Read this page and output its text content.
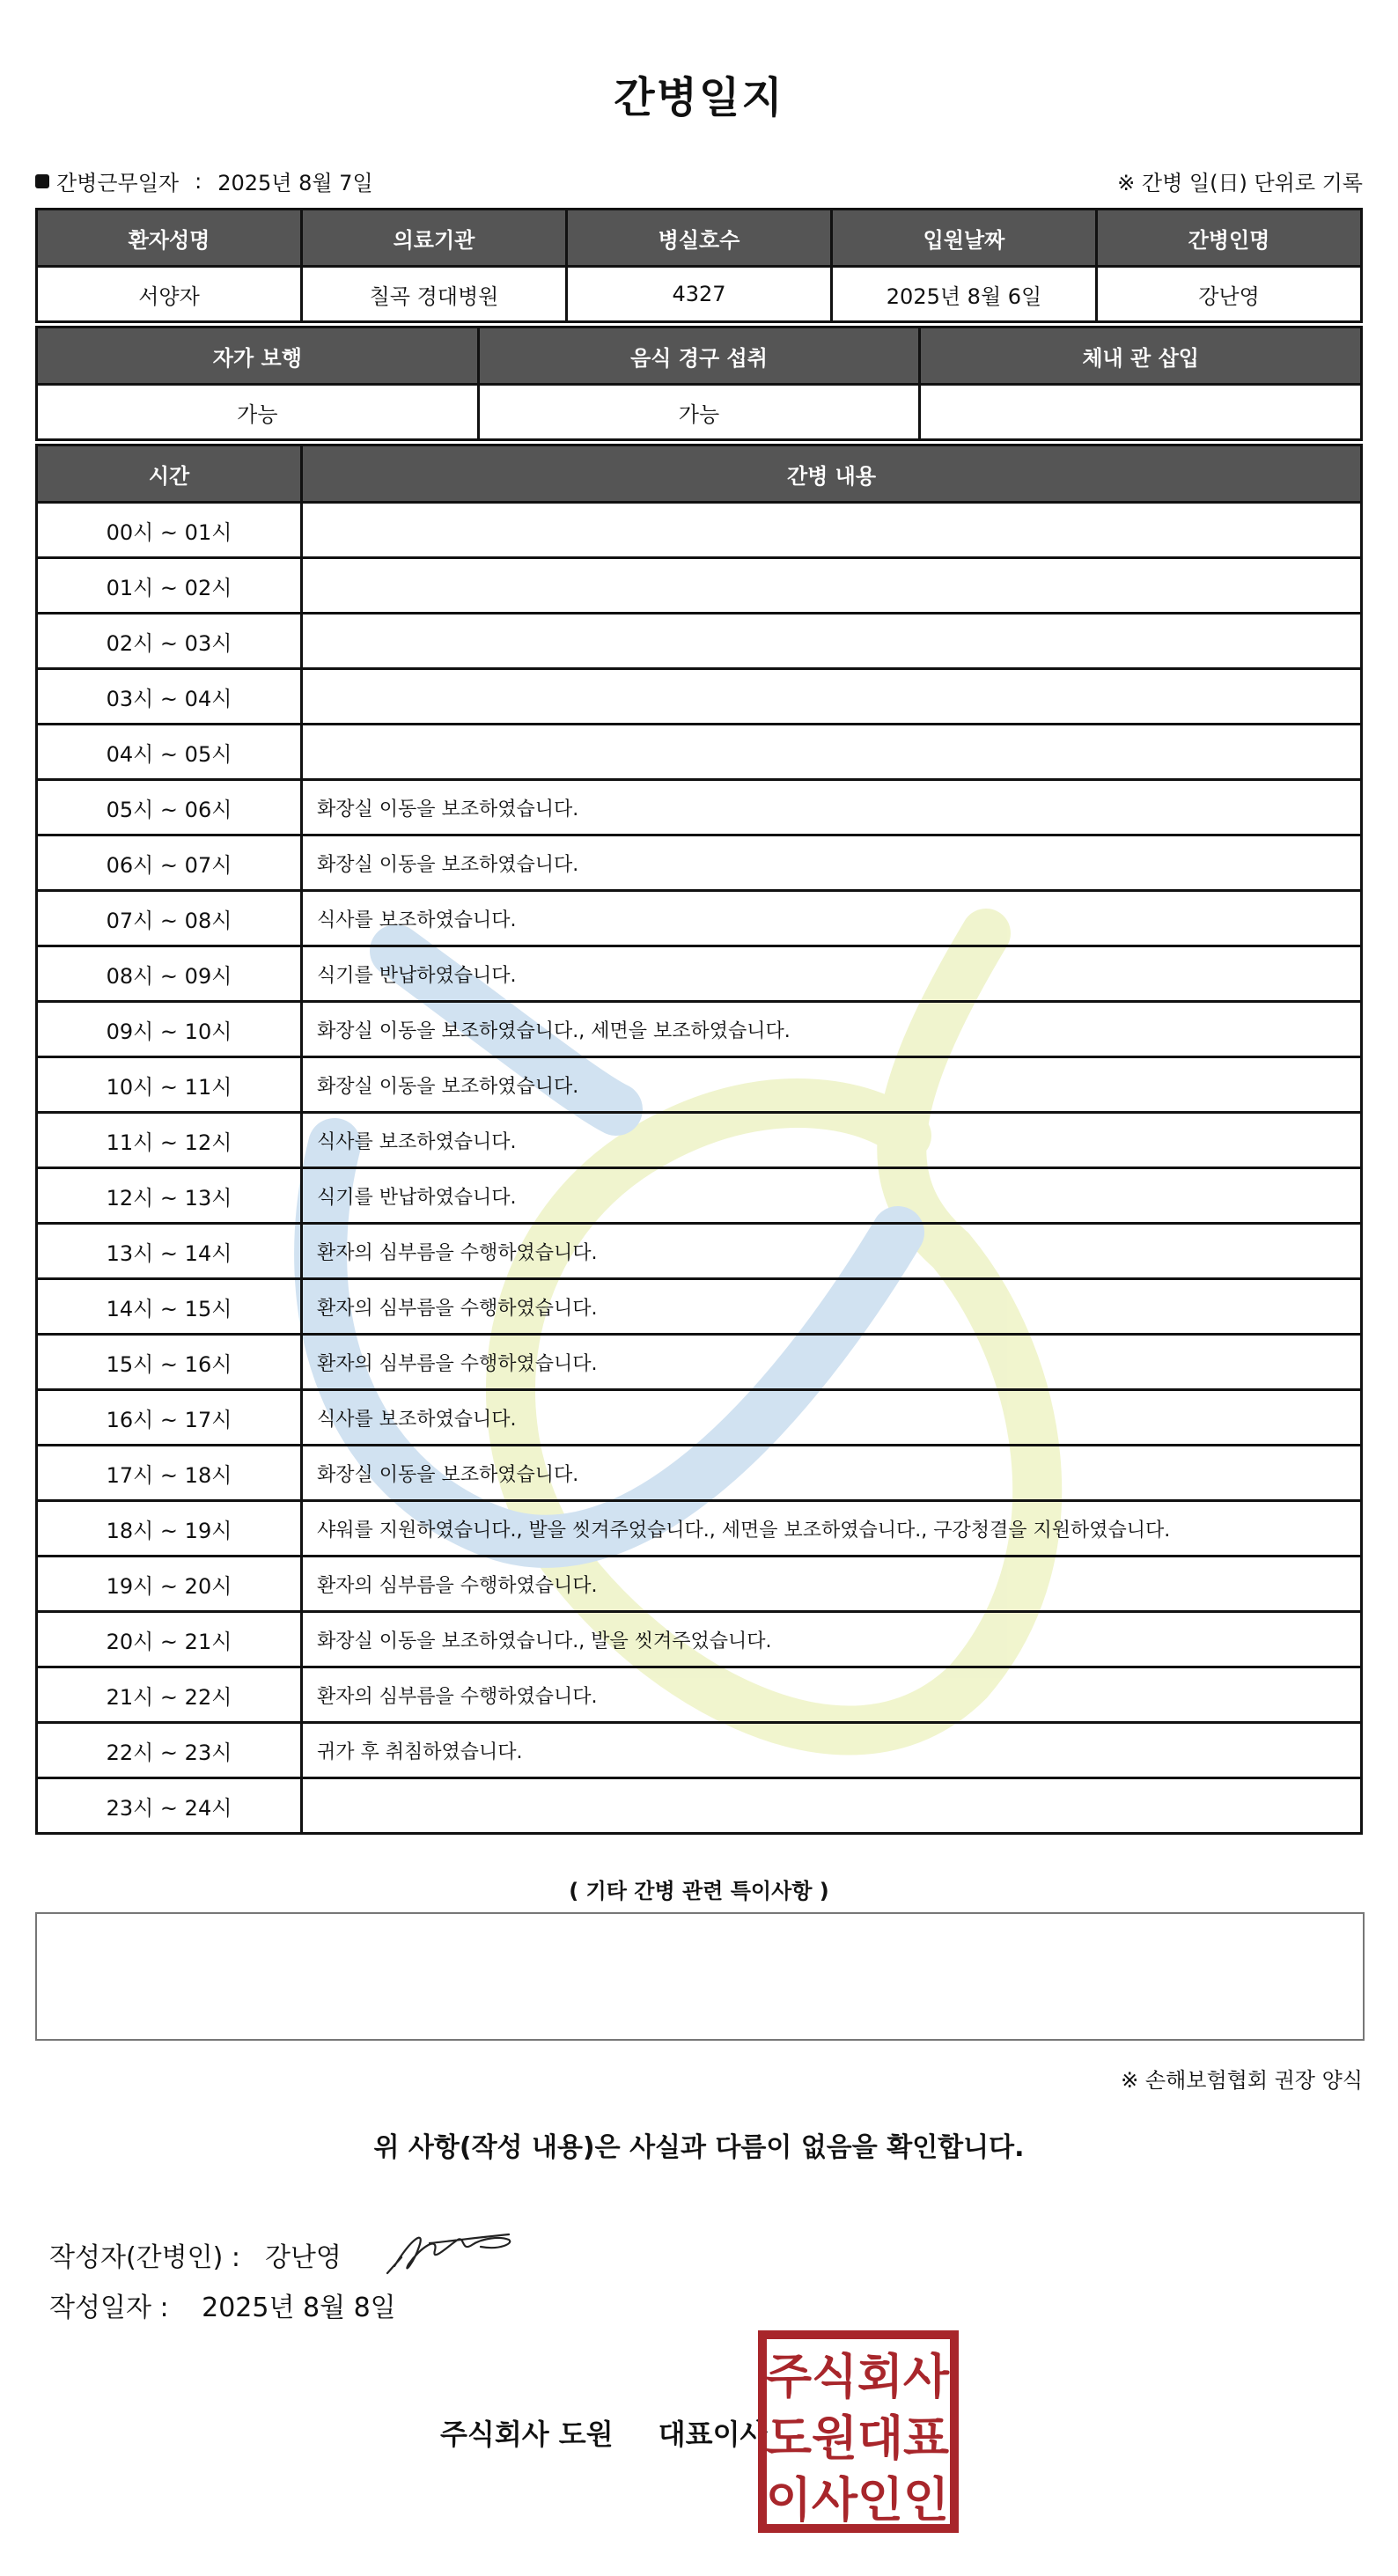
간병일지
간병근무일자 : 2025년 8월 7일	※ 간병 일(日) 단위로 기록
환자성명	의료기관	병실호수	입원날짜	간병인명
서양자	칠곡 경대병원	4327	2025년 8월 6일	강난영
자가 보행	음식 경구 섭취	체내 관 삽입
가능	가능	
시간	간병 내용
00시 ~ 01시	
01시 ~ 02시	
02시 ~ 03시	
03시 ~ 04시	
04시 ~ 05시	
05시 ~ 06시	화장실 이동을 보조하였습니다.
06시 ~ 07시	화장실 이동을 보조하였습니다.
07시 ~ 08시	식사를 보조하였습니다.
08시 ~ 09시	식기를 반납하였습니다.
09시 ~ 10시	화장실 이동을 보조하였습니다., 세면을 보조하였습니다.
10시 ~ 11시	화장실 이동을 보조하였습니다.
11시 ~ 12시	식사를 보조하였습니다.
12시 ~ 13시	식기를 반납하였습니다.
13시 ~ 14시	환자의 심부름을 수행하였습니다.
14시 ~ 15시	환자의 심부름을 수행하였습니다.
15시 ~ 16시	환자의 심부름을 수행하였습니다.
16시 ~ 17시	식사를 보조하였습니다.
17시 ~ 18시	화장실 이동을 보조하였습니다.
18시 ~ 19시	샤워를 지원하였습니다., 발을 씻겨주었습니다., 세면을 보조하였습니다., 구강청결을 지원하였습니다.
19시 ~ 20시	환자의 심부름을 수행하였습니다.
20시 ~ 21시	화장실 이동을 보조하였습니다., 발을 씻겨주었습니다.
21시 ~ 22시	환자의 심부름을 수행하였습니다.
22시 ~ 23시	귀가 후 취침하였습니다.
23시 ~ 24시	
( 기타 간병 관련 특이사항 )
※ 손해보험협회 권장 양식
위 사항(작성 내용)은 사실과 다름이 없음을 확인합니다.
작성자(간병인) : 강난영
작성일자 : 2025년 8월 8일
주식회사 도원 대표이사
주 식 회 사
도 원 대 표
이 사 인 인
